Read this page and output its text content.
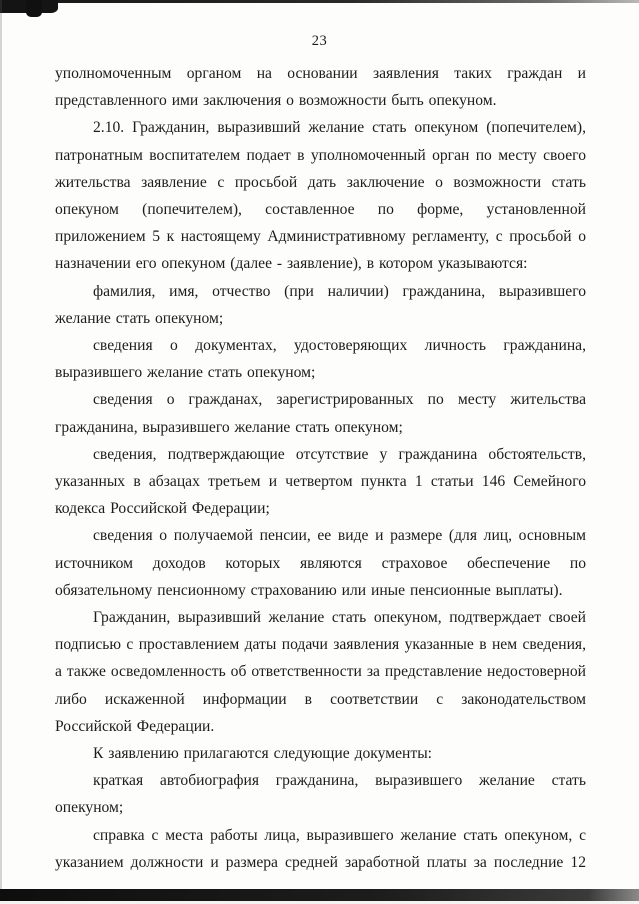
23

уполномоченным органом на основании заявления таких граждан и представленного ими заключения о возможности быть опекуном.

2.10. Гражданин, выразивший желание стать опекуном (попечителем), патронатным воспитателем подает в уполномоченный орган по месту своего жительства заявление с просьбой дать заключение о возможности стать опекуном (попечителем), составленное по форме, установленной приложением 5 к настоящему Административному регламенту, с просьбой о назначении его опекуном (далее - заявление), в котором указываются:

фамилия, имя, отчество (при наличии) гражданина, выразившего желание стать опекуном;

сведения о документах, удостоверяющих личность гражданина, выразившего желание стать опекуном;

сведения о гражданах, зарегистрированных по месту жительства гражданина, выразившего желание стать опекуном;

сведения, подтверждающие отсутствие у гражданина обстоятельств, указанных в абзацах третьем и четвертом пункта 1 статьи 146 Семейного кодекса Российской Федерации;

сведения о получаемой пенсии, ее виде и размере (для лиц, основным источником доходов которых являются страховое обеспечение по обязательному пенсионному страхованию или иные пенсионные выплаты).

Гражданин, выразивший желание стать опекуном, подтверждает своей подписью с проставлением даты подачи заявления указанные в нем сведения, а также осведомленность об ответственности за представление недостоверной либо искаженной информации в соответствии с законодательством Российской Федерации.

К заявлению прилагаются следующие документы:

краткая автобиография гражданина, выразившего желание стать опекуном;

справка с места работы лица, выразившего желание стать опекуном, с указанием должности и размера средней заработной платы за последние 12
